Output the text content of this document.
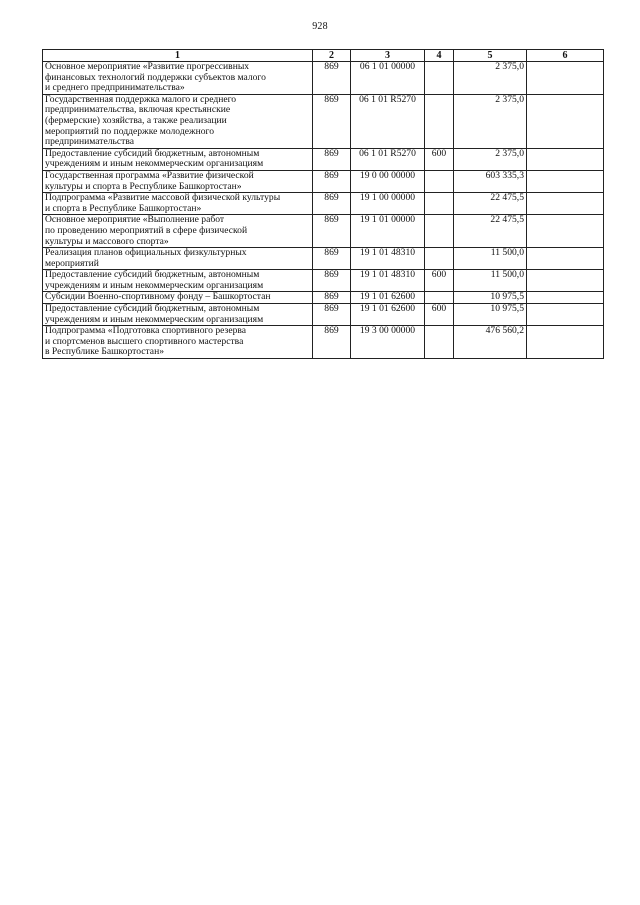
928
1	2	3	4	5	6
Основное мероприятие «Развитие прогрессивных
финансовых технологий поддержки субъектов малого
и среднего предпринимательства»	869	06 1 01 00000		2 375,0	
Государственная поддержка малого и среднего
предпринимательства, включая крестьянские
(фермерские) хозяйства, а также реализации
мероприятий по поддержке молодежного
предпринимательства	869	06 1 01 R5270		2 375,0	
Предоставление субсидий бюджетным, автономным
учреждениям и иным некоммерческим организациям	869	06 1 01 R5270	600	2 375,0	
Государственная программа «Развитие физической
культуры и спорта в Республике Башкортостан»	869	19 0 00 00000		603 335,3	
Подпрограмма «Развитие массовой физической культуры
и спорта в Республике Башкортостан»	869	19 1 00 00000		22 475,5	
Основное мероприятие «Выполнение работ
по проведению мероприятий в сфере физической
культуры и массового спорта»	869	19 1 01 00000		22 475,5	
Реализация планов официальных физкультурных
мероприятий	869	19 1 01 48310		11 500,0	
Предоставление субсидий бюджетным, автономным
учреждениям и иным некоммерческим организациям	869	19 1 01 48310	600	11 500,0	
Субсидии Военно-спортивному фонду – Башкортостан	869	19 1 01 62600		10 975,5	
Предоставление субсидий бюджетным, автономным
учреждениям и иным некоммерческим организациям	869	19 1 01 62600	600	10 975,5	
Подпрограмма «Подготовка спортивного резерва
и спортсменов высшего спортивного мастерства
в Республике Башкортостан»	869	19 3 00 00000		476 560,2	
